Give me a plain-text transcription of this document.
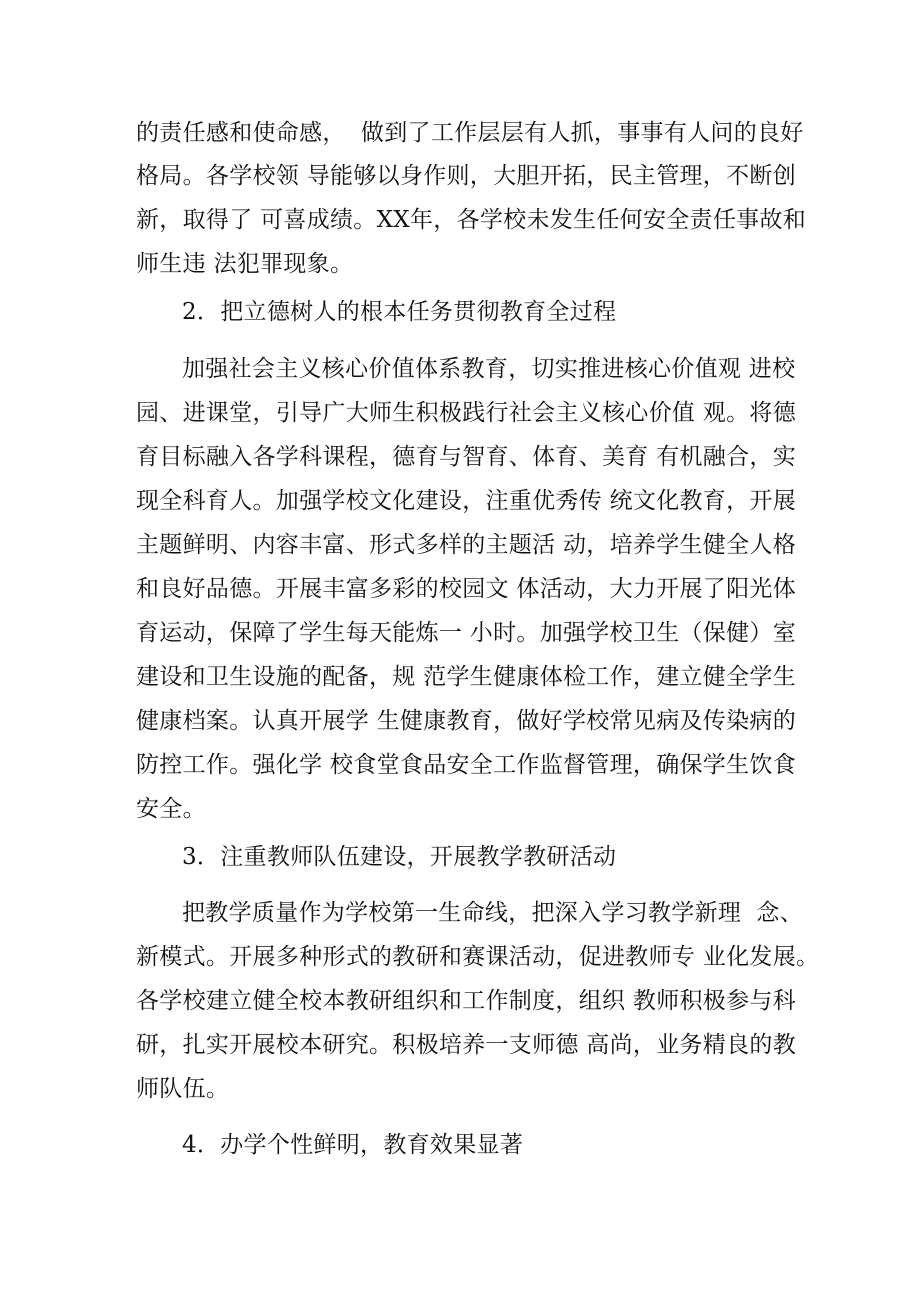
的责任感和使命感，  做到了工作层层有人抓，事事有人问的良好
格局。各学校领 导能够以身作则，大胆开拓，民主管理，不断创
新，取得了 可喜成绩。XX年，各学校未发生任何安全责任事故和
师生违 法犯罪现象。
2．把立德树人的根本任务贯彻教育全过程
加强社会主义核心价值体系教育，切实推进核心价值观 进校
园、进课堂，引导广大师生积极践行社会主义核心价值 观。将德
育目标融入各学科课程，德育与智育、体育、美育 有机融合，实
现全科育人。加强学校文化建设，注重优秀传 统文化教育，开展
主题鲜明、内容丰富、形式多样的主题活 动，培养学生健全人格
和良好品德。开展丰富多彩的校园文 体活动，大力开展了阳光体
育运动，保障了学生每天能炼一 小时。加强学校卫生（保健）室
建设和卫生设施的配备，规 范学生健康体检工作，建立健全学生
健康档案。认真开展学 生健康教育，做好学校常见病及传染病的
防控工作。强化学 校食堂食品安全工作监督管理，确保学生饮食
安全。
3．注重教师队伍建设，开展教学教研活动
把教学质量作为学校第一生命线，把深入学习教学新理  念、
新模式。开展多种形式的教研和赛课活动，促进教师专 业化发展。
各学校建立健全校本教研组织和工作制度，组织 教师积极参与科
研，扎实开展校本研究。积极培养一支师德 高尚，业务精良的教
师队伍。
4．办学个性鲜明，教育效果显著
